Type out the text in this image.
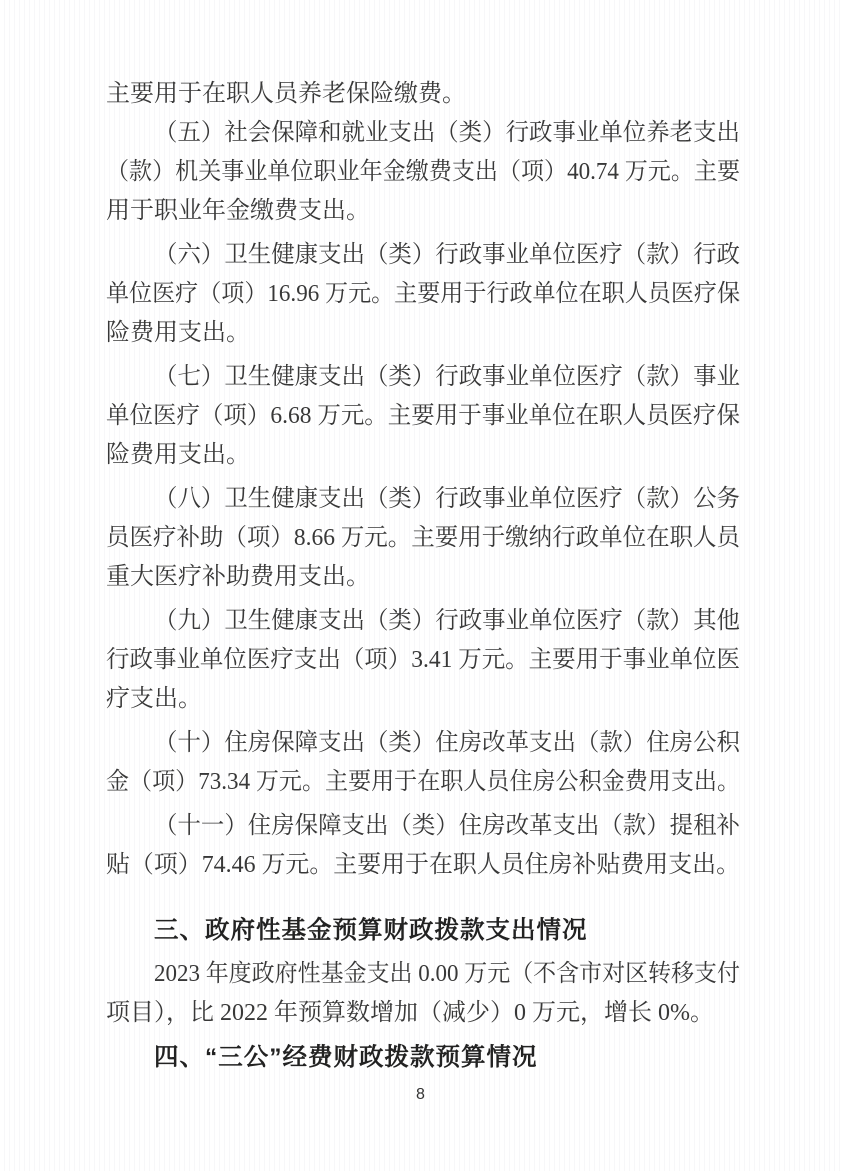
主要用于在职人员养老保险缴费。
（五）社会保障和就业支出（类）行政事业单位养老支出
（款）机关事业单位职业年金缴费支出（项）40.74 万元。主要
用于职业年金缴费支出。
（六）卫生健康支出（类）行政事业单位医疗（款）行政
单位医疗（项）16.96 万元。主要用于行政单位在职人员医疗保
险费用支出。
（七）卫生健康支出（类）行政事业单位医疗（款）事业
单位医疗（项）6.68 万元。主要用于事业单位在职人员医疗保
险费用支出。
（八）卫生健康支出（类）行政事业单位医疗（款）公务
员医疗补助（项）8.66 万元。主要用于缴纳行政单位在职人员
重大医疗补助费用支出。
（九）卫生健康支出（类）行政事业单位医疗（款）其他
行政事业单位医疗支出（项）3.41 万元。主要用于事业单位医
疗支出。
（十）住房保障支出（类）住房改革支出（款）住房公积
金（项）73.34 万元。主要用于在职人员住房公积金费用支出。
（十一）住房保障支出（类）住房改革支出（款）提租补
贴（项）74.46 万元。主要用于在职人员住房补贴费用支出。
三、政府性基金预算财政拨款支出情况
2023 年度政府性基金支出 0.00 万元（不含市对区转移支付
项目），比 2022 年预算数增加（减少）0 万元，增长 0%。
四、“三公”经费财政拨款预算情况
8
